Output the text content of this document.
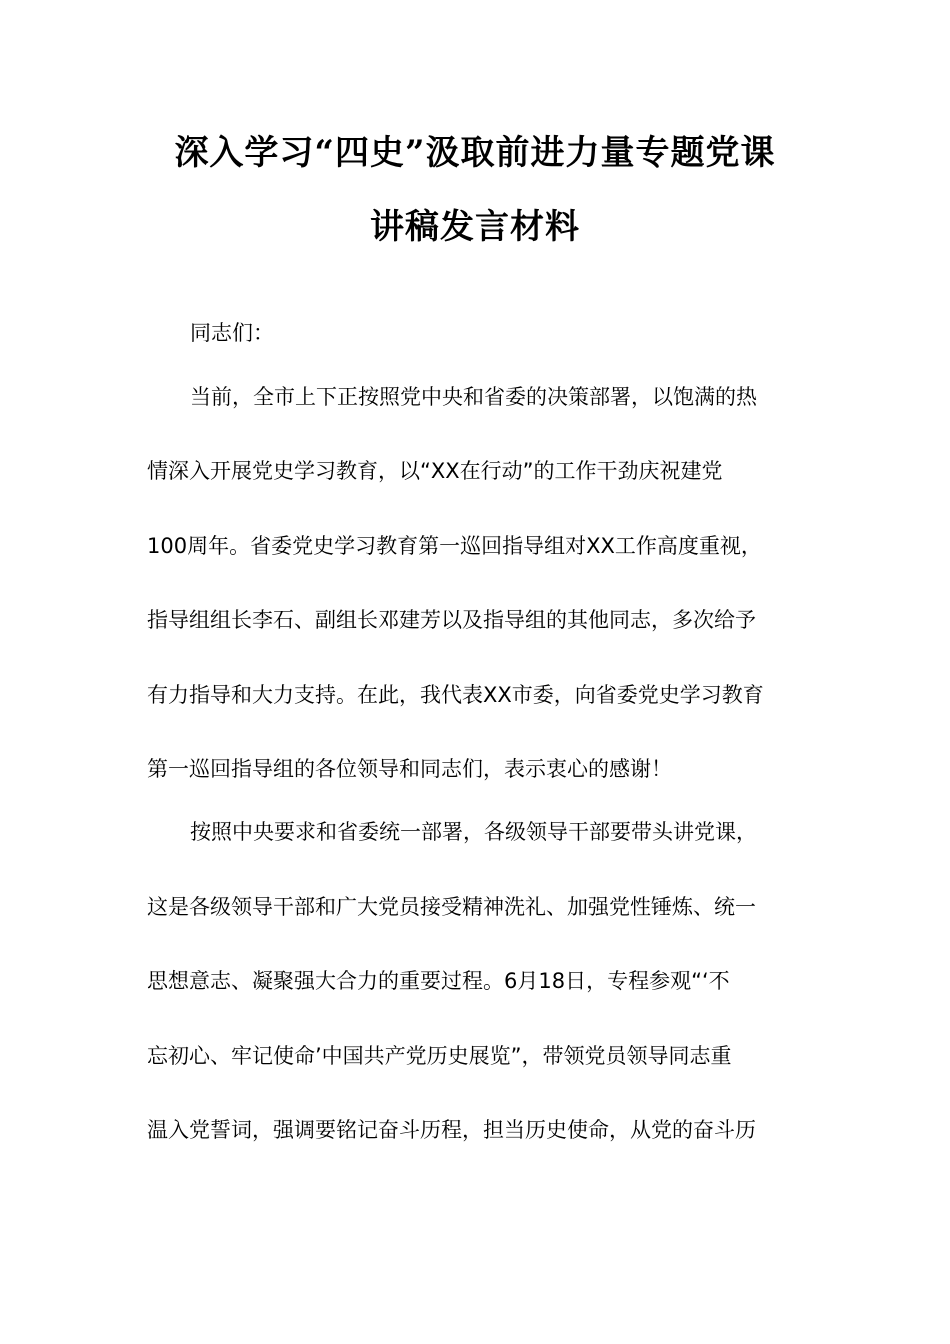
深入学习“四史”汲取前进力量专题党课
讲稿发言材料

同志们：

当前，全市上下正按照党中央和省委的决策部署，以饱满的热

情深入开展党史学习教育，以“XX在行动”的工作干劲庆祝建党

100周年。省委党史学习教育第一巡回指导组对XX工作高度重视，

指导组组长李石、副组长邓建芳以及指导组的其他同志，多次给予

有力指导和大力支持。在此，我代表XX市委，向省委党史学习教育

第一巡回指导组的各位领导和同志们，表示衷心的感谢！

按照中央要求和省委统一部署，各级领导干部要带头讲党课，

这是各级领导干部和广大党员接受精神洗礼、加强党性锤炼、统一

思想意志、凝聚强大合力的重要过程。6月18日，专程参观“‘不

忘初心、牢记使命’中国共产党历史展览”，带领党员领导同志重

温入党誓词，强调要铭记奋斗历程，担当历史使命，从党的奋斗历
